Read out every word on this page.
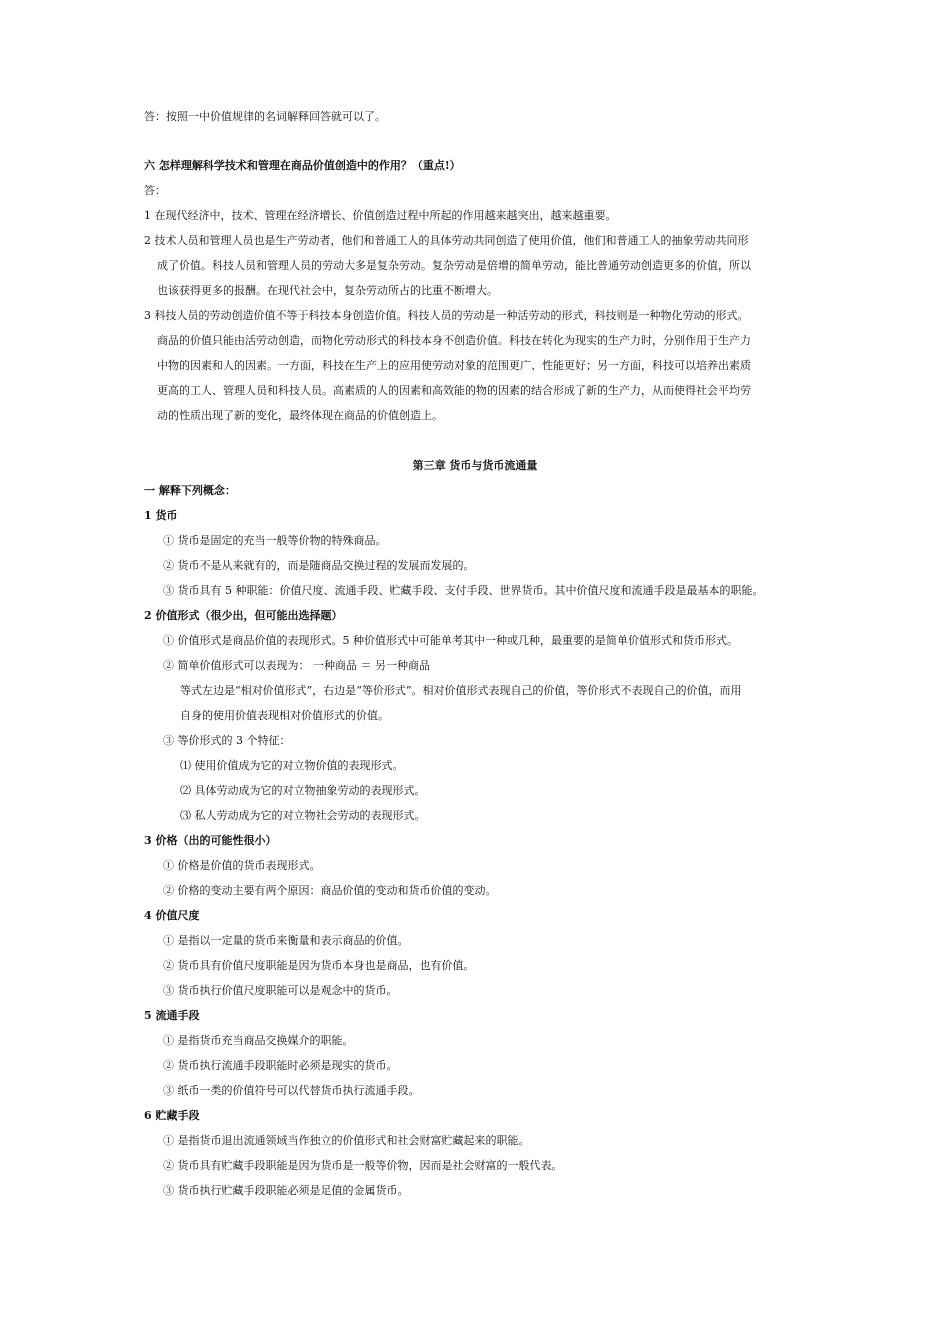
答：按照一中价值规律的名词解释回答就可以了。
六 怎样理解科学技术和管理在商品价值创造中的作用？（重点!）
答：
1 在现代经济中，技术、管理在经济增长、价值创造过程中所起的作用越来越突出，越来越重要。
2 技术人员和管理人员也是生产劳动者，他们和普通工人的具体劳动共同创造了使用价值，他们和普通工人的抽象劳动共同形
成了价值。科技人员和管理人员的劳动大多是复杂劳动。复杂劳动是倍增的简单劳动，能比普通劳动创造更多的价值，所以
也该获得更多的报酬。在现代社会中，复杂劳动所占的比重不断增大。
3 科技人员的劳动创造价值不等于科技本身创造价值。科技人员的劳动是一种活劳动的形式，科技则是一种物化劳动的形式。
商品的价值只能由活劳动创造，而物化劳动形式的科技本身不创造价值。科技在转化为现实的生产力时，分别作用于生产力
中物的因素和人的因素。一方面，科技在生产上的应用使劳动对象的范围更广、性能更好；另一方面，科技可以培养出素质
更高的工人、管理人员和科技人员。高素质的人的因素和高效能的物的因素的结合形成了新的生产力，从而使得社会平均劳
动的性质出现了新的变化，最终体现在商品的价值创造上。
第三章 货币与货币流通量
一 解释下列概念：
1 货币
① 货币是固定的充当一般等价物的特殊商品。
② 货币不是从来就有的，而是随商品交换过程的发展而发展的。
③ 货币具有 5 种职能：价值尺度、流通手段、贮藏手段、支付手段、世界货币。其中价值尺度和流通手段是最基本的职能。
2 价值形式（很少出，但可能出选择题）
① 价值形式是商品价值的表现形式。5 种价值形式中可能单考其中一种或几种，最重要的是简单价值形式和货币形式。
② 简单价值形式可以表现为： 一种商品 ＝ 另一种商品
等式左边是“相对价值形式”，右边是“等价形式”。相对价值形式表现自己的价值，等价形式不表现自己的价值，而用
自身的使用价值表现相对价值形式的价值。
③ 等价形式的 3 个特征：
⑴ 使用价值成为它的对立物价值的表现形式。
⑵ 具体劳动成为它的对立物抽象劳动的表现形式。
⑶ 私人劳动成为它的对立物社会劳动的表现形式。
3 价格（出的可能性很小）
① 价格是价值的货币表现形式。
② 价格的变动主要有两个原因：商品价值的变动和货币价值的变动。
4 价值尺度
① 是指以一定量的货币来衡量和表示商品的价值。
② 货币具有价值尺度职能是因为货币本身也是商品，也有价值。
③ 货币执行价值尺度职能可以是观念中的货币。
5 流通手段
① 是指货币充当商品交换媒介的职能。
② 货币执行流通手段职能时必须是现实的货币。
③ 纸币一类的价值符号可以代替货币执行流通手段。
6 贮藏手段
① 是指货币退出流通领域当作独立的价值形式和社会财富贮藏起来的职能。
② 货币具有贮藏手段职能是因为货币是一般等价物，因而是社会财富的一般代表。
③ 货币执行贮藏手段职能必须是足值的金属货币。
